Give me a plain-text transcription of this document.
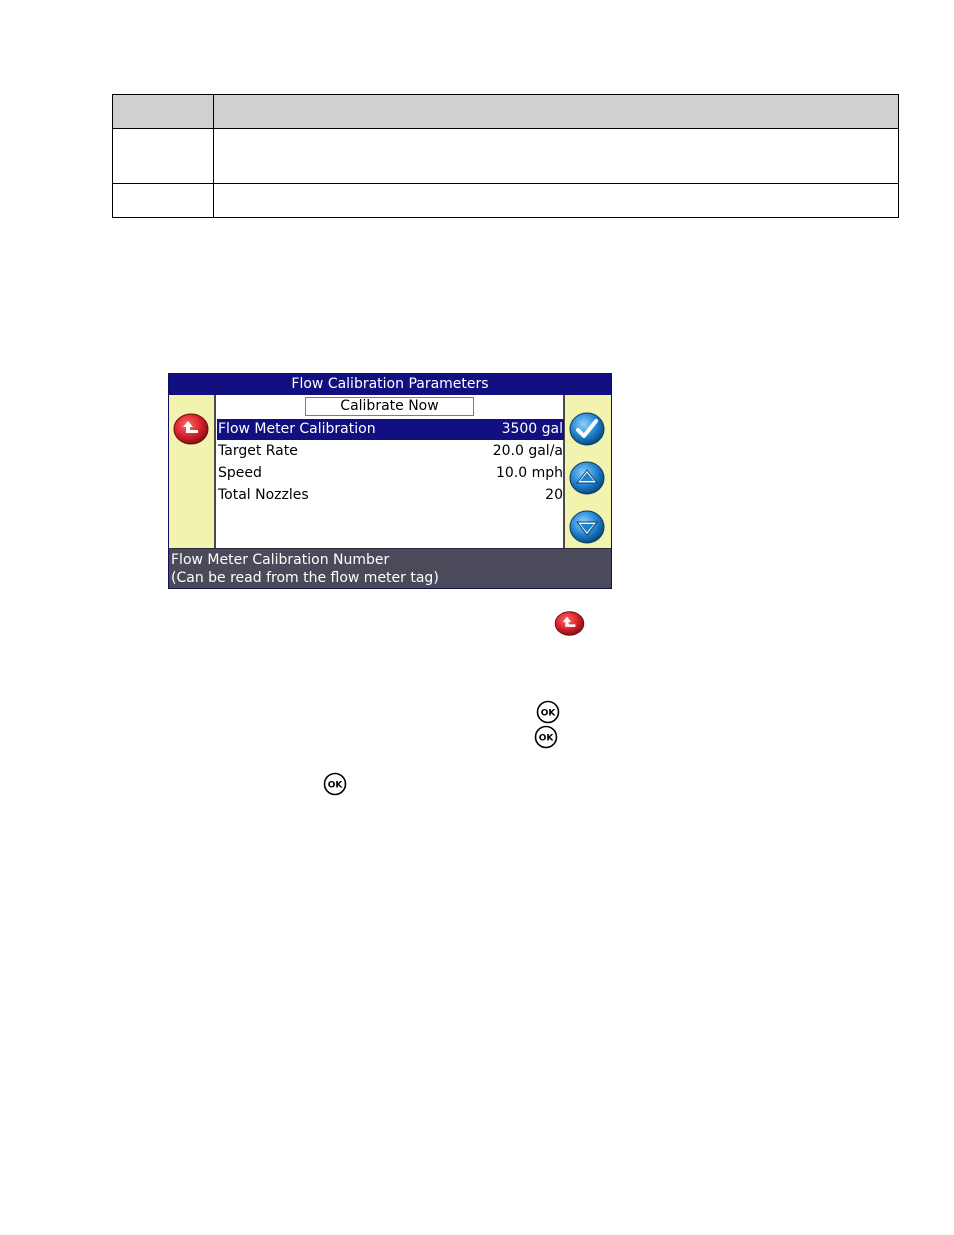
Flow Calibration Parameters
Calibrate Now
Flow Meter Calibration	3500 gal
Target Rate	20.0 gal/a
Speed	10.0 mph
Total Nozzles	20
Flow Meter Calibration Number
(Can be read from the flow meter tag)
OK
OK
OK
